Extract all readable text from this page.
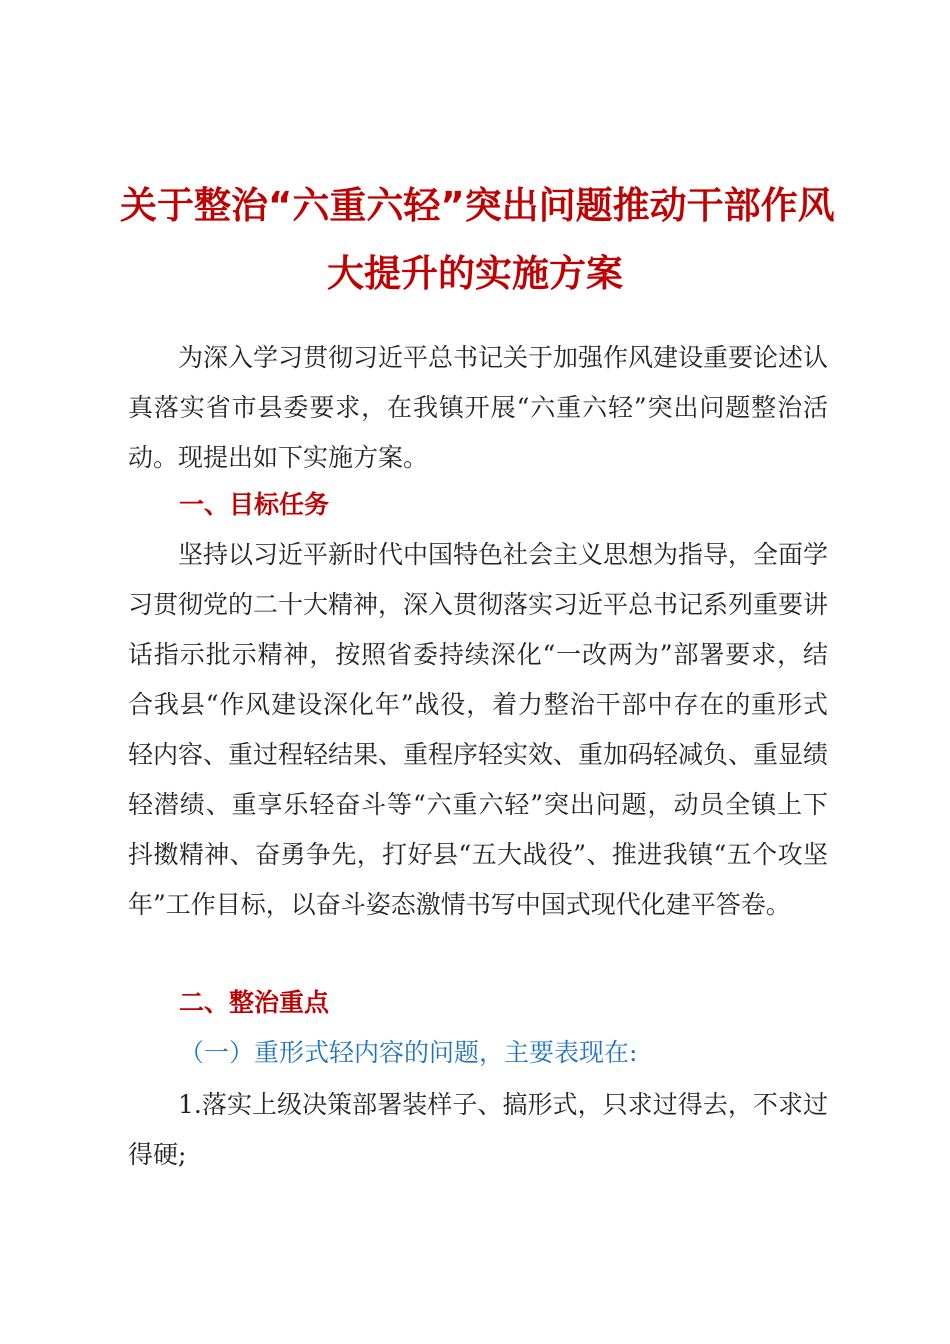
关于整治“六重六轻”突出问题推动干部作风
大提升的实施方案

为深入学习贯彻习近平总书记关于加强作风建设重要论述认真落实省市县委要求，在我镇开展“六重六轻”突出问题整治活动。现提出如下实施方案。

一、目标任务

坚持以习近平新时代中国特色社会主义思想为指导，全面学习贯彻党的二十大精神，深入贯彻落实习近平总书记系列重要讲话指示批示精神，按照省委持续深化“一改两为”部署要求，结合我县“作风建设深化年”战役，着力整治干部中存在的重形式轻内容、重过程轻结果、重程序轻实效、重加码轻减负、重显绩轻潜绩、重享乐轻奋斗等“六重六轻”突出问题，动员全镇上下抖擞精神、奋勇争先，打好县“五大战役”、推进我镇“五个攻坚年”工作目标，以奋斗姿态激情书写中国式现代化建平答卷。

二、整治重点
（一）重形式轻内容的问题，主要表现在:

1.落实上级决策部署装样子、搞形式，只求过得去，不求过得硬;
